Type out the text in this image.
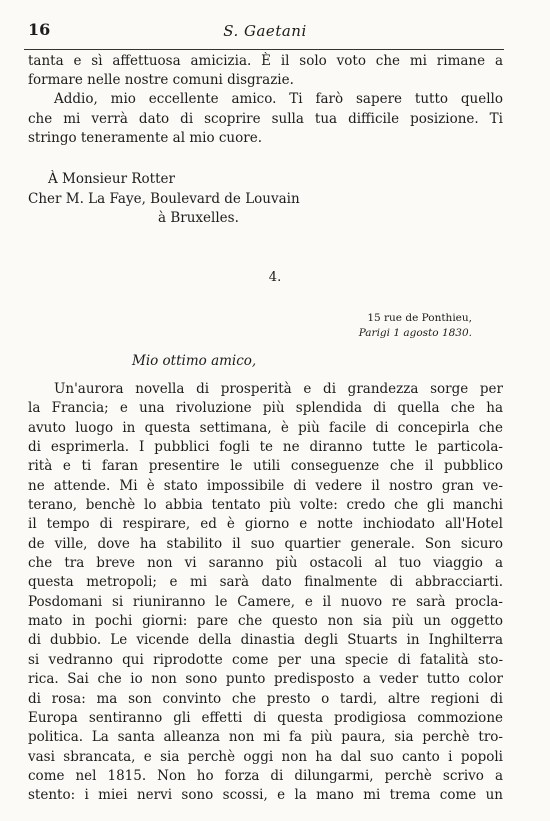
16	S. Gaetani
tanta e sì affettuosa amicizia. È il solo voto che mi rimane a
formare nelle nostre comuni disgrazie.
Addio, mio eccellente amico. Ti farò sapere tutto quello
che mi verrà dato di scoprire sulla tua difficile posizione. Ti
stringo teneramente al mio cuore.
À Monsieur Rotter
Cher M. La Faye, Boulevard de Louvain
à Bruxelles.
4.
15 rue de Ponthieu,
Parigi 1 agosto 1830.
Mio ottimo amico,
Un'aurora novella di prosperità e di grandezza sorge per
la Francia; e una rivoluzione più splendida di quella che ha
avuto luogo in questa settimana, è più facile di concepirla che
di esprimerla. I pubblici fogli te ne diranno tutte le particola-
rità e ti faran presentire le utili conseguenze che il pubblico
ne attende. Mi è stato impossibile di vedere il nostro gran ve-
terano, benchè lo abbia tentato più volte: credo che gli manchi
il tempo di respirare, ed è giorno e notte inchiodato all'Hotel
de ville, dove ha stabilito il suo quartier generale. Son sicuro
che tra breve non vi saranno più ostacoli al tuo viaggio a
questa metropoli; e mi sarà dato finalmente di abbracciarti.
Posdomani si riuniranno le Camere, e il nuovo re sarà procla-
mato in pochi giorni: pare che questo non sia più un oggetto
di dubbio. Le vicende della dinastia degli Stuarts in Inghilterra
si vedranno qui riprodotte come per una specie di fatalità sto-
rica. Sai che io non sono punto predisposto a veder tutto color
di rosa: ma son convinto che presto o tardi, altre regioni di
Europa sentiranno gli effetti di questa prodigiosa commozione
politica. La santa alleanza non mi fa più paura, sia perchè tro-
vasi sbrancata, e sia perchè oggi non ha dal suo canto i popoli
come nel 1815. Non ho forza di dilungarmi, perchè scrivo a
stento: i miei nervi sono scossi, e la mano mi trema come un
